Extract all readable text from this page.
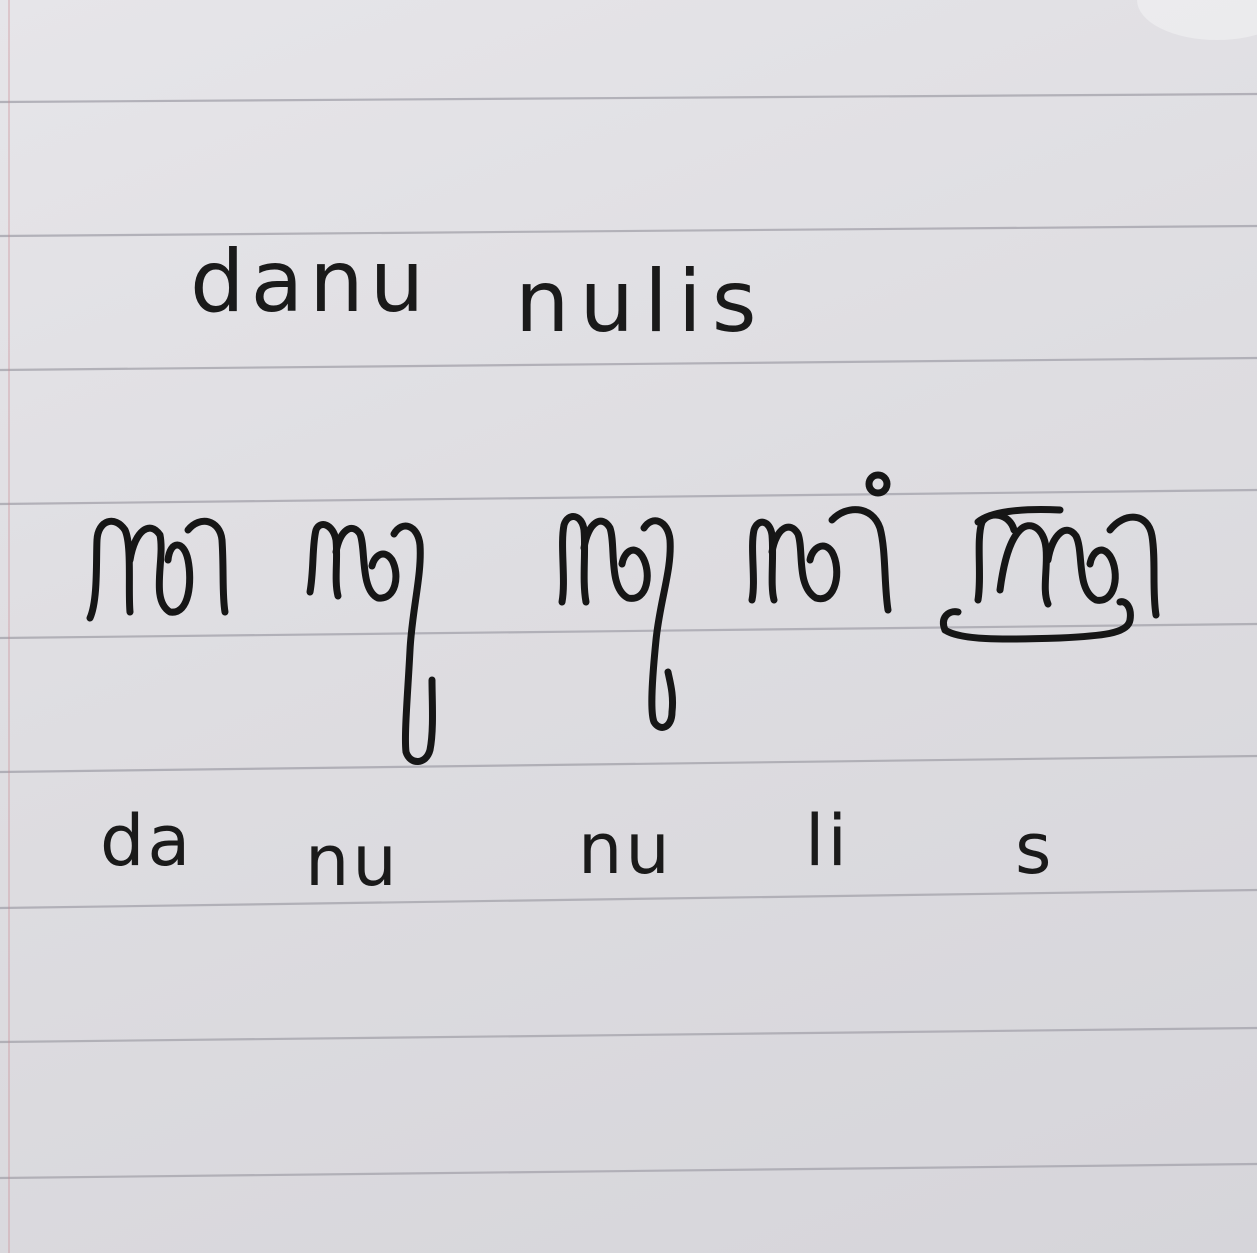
danu nulis
da nu	nu li s
